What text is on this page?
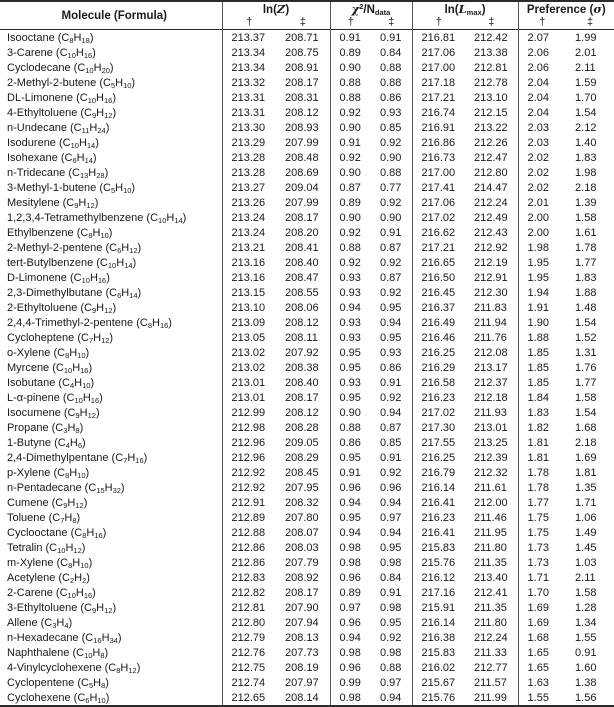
Molecule (Formula)	ln(Z)		$\chi^2/N_{data}$		$\ln(L_{max})$		Preference (σ)	
	†	‡	†	‡	†	‡	†	‡
Isooctane $(C_8H_{18})$	213.37	208.71	0.91	0.91	216.81	212.42	2.07	1.99
3-Carene $(C_{10}H_{16})$	213.34	208.75	0.89	0.84	217.06	213.38	2.06	2.01
Cyclodecane $(C_{10}H_{20})$	213.34	208.91	0.90	0.88	217.00	212.81	2.06	2.11
2-Methyl-2-butene $(C_5H_{10})$	213.32	208.17	0.88	0.88	217.18	212.78	2.04	1.59
DL-Limonene $(C_{10}H_{16})$	213.31	208.31	0.88	0.86	217.21	213.10	2.04	1.70
4-Ethyltoluene $(C_9H_{12})$	213.31	208.12	0.92	0.93	216.74	212.15	2.04	1.54
n-Undecane $(C_{11}H_{24})$	213.30	208.93	0.90	0.85	216.91	213.22	2.03	2.12
Isodurene $(C_{10}H_{14})$	213.29	207.99	0.91	0.92	216.86	212.26	2.03	1.40
Isohexane $(C_6H_{14})$	213.28	208.48	0.92	0.90	216.73	212.47	2.02	1.83
n-Tridecane $(C_{13}H_{28})$	213.28	208.69	0.90	0.88	217.00	212.80	2.02	1.98
3-Methyl-1-butene $(C_5H_{10})$	213.27	209.04	0.87	0.77	217.41	214.47	2.02	2.18
Mesitylene $(C_9H_{12})$	213.26	207.99	0.89	0.92	217.06	212.24	2.01	1.39
1,2,3,4-Tetramethylbenzene $(C_{10}H_{14})$	213.24	208.17	0.90	0.90	217.02	212.49	2.00	1.58
Ethylbenzene $(C_8H_{10})$	213.24	208.20	0.92	0.91	216.62	212.43	2.00	1.61
2-Methyl-2-pentene $(C_6H_{12})$	213.21	208.41	0.88	0.87	217.21	212.92	1.98	1.78
tert-Butylbenzene $(C_{10}H_{14})$	213.16	208.40	0.92	0.92	216.65	212.19	1.95	1.77
D-Limonene $(C_{10}H_{16})$	213.16	208.47	0.93	0.87	216.50	212.91	1.95	1.83
2,3-Dimethylbutane $(C_6H_{14})$	213.15	208.55	0.93	0.92	216.45	212.30	1.94	1.88
2-Ethyltoluene $(C_9H_{12})$	213.10	208.06	0.94	0.95	216.37	211.83	1.91	1.48
2,4,4-Trimethyl-2-pentene $(C_8H_{16})$	213.09	208.12	0.93	0.94	216.49	211.94	1.90	1.54
Cycloheptene $(C_7H_{12})$	213.05	208.11	0.93	0.95	216.46	211.76	1.88	1.52
o-Xylene $(C_8H_{10})$	213.02	207.92	0.95	0.93	216.25	212.08	1.85	1.31
Myrcene $(C_{10}H_{16})$	213.02	208.38	0.95	0.86	216.29	213.17	1.85	1.76
Isobutane $(C_4H_{10})$	213.01	208.40	0.93	0.91	216.58	212.37	1.85	1.77
L-α-pinene $(C_{10}H_{16})$	213.01	208.17	0.95	0.92	216.23	212.18	1.84	1.58
Isocumene $(C_9H_{12})$	212.99	208.12	0.90	0.94	217.02	211.93	1.83	1.54
Propane $(C_3H_8)$	212.98	208.28	0.88	0.87	217.30	213.01	1.82	1.68
1-Butyne $(C_4H_6)$	212.96	209.05	0.86	0.85	217.55	213.25	1.81	2.18
2,4-Dimethylpentane $(C_7H_{16})$	212.96	208.29	0.95	0.91	216.25	212.39	1.81	1.69
p-Xylene $(C_8H_{10})$	212.92	208.45	0.91	0.92	216.79	212.32	1.78	1.81
n-Pentadecane $(C_{15}H_{32})$	212.92	207.95	0.96	0.96	216.14	211.61	1.78	1.35
Cumene $(C_9H_{12})$	212.91	208.32	0.94	0.94	216.41	212.00	1.77	1.71
Toluene $(C_7H_8)$	212.89	207.80	0.95	0.97	216.23	211.46	1.75	1.06
Cyclooctane $(C_8H_{16})$	212.88	208.07	0.94	0.94	216.41	211.95	1.75	1.49
Tetralin $(C_{10}H_{12})$	212.86	208.03	0.98	0.95	215.83	211.80	1.73	1.45
m-Xylene $(C_8H_{10})$	212.86	207.79	0.98	0.98	215.76	211.35	1.73	1.03
Acetylene $(C_2H_2)$	212.83	208.92	0.96	0.84	216.12	213.40	1.71	2.11
2-Carene $(C_{10}H_{16})$	212.82	208.17	0.89	0.91	217.16	212.41	1.70	1.58
3-Ethyltoluene $(C_9H_{12})$	212.81	207.90	0.97	0.98	215.91	211.35	1.69	1.28
Allene $(C_3H_4)$	212.80	207.94	0.96	0.95	216.14	211.80	1.69	1.34
n-Hexadecane $(C_{16}H_{34})$	212.79	208.13	0.94	0.92	216.38	212.24	1.68	1.55
Naphthalene $(C_{10}H_8)$	212.76	207.73	0.98	0.98	215.83	211.33	1.65	0.91
4-Vinylcyclohexene $(C_8H_{12})$	212.75	208.19	0.96	0.88	216.02	212.77	1.65	1.60
Cyclopentene $(C_5H_8)$	212.74	207.97	0.99	0.97	215.67	211.57	1.63	1.38
Cyclohexene $(C_6H_{10})$	212.65	208.14	0.98	0.94	215.76	211.99	1.55	1.56
